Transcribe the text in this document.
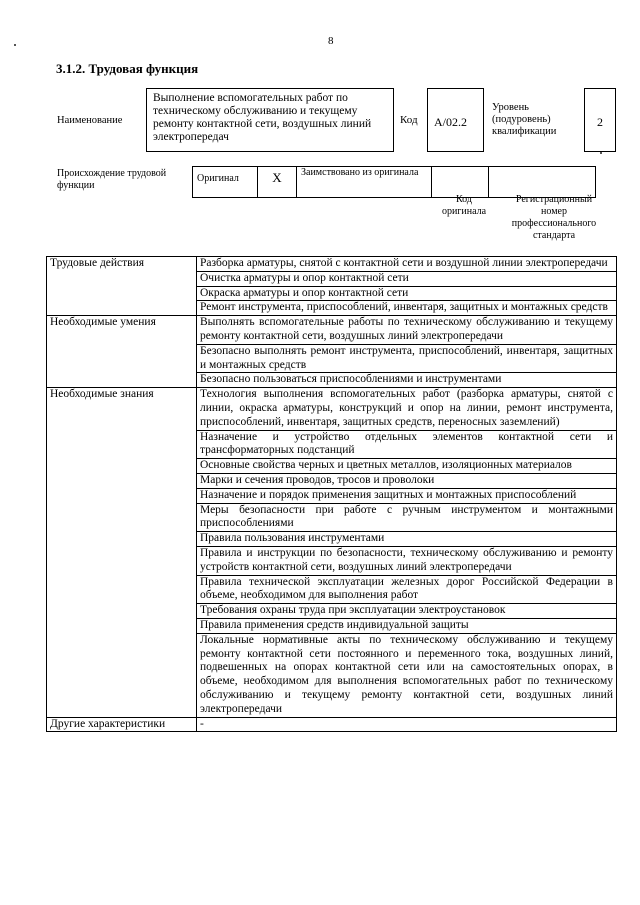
8
3.1.2. Трудовая функция
Наименование
Выполнение вспомогательных работ по техническому обслуживанию и текущему ремонту контактной сети, воздушных линий электропередач
Код	А/02.2
Уровень (подуровень) квалификации
2
Происхождение трудовой функции
Оригинал	X	Заимствовано из оригинала		
Код оригинала
Регистрационный номер профессионального стандарта
Трудовые действия	Разборка арматуры, снятой с контактной сети и воздушной линии электропередачи
	Очистка арматуры и опор контактной сети
	Окраска арматуры и опор контактной сети
	Ремонт инструмента, приспособлений, инвентаря, защитных и монтажных средств
Необходимые умения	Выполнять вспомогательные работы по техническому обслуживанию и текущему ремонту контактной сети, воздушных линий электропередачи
	Безопасно выполнять ремонт инструмента, приспособлений, инвентаря, защитных и монтажных средств
	Безопасно пользоваться приспособлениями и инструментами
Необходимые знания	Технология выполнения вспомогательных работ (разборка арматуры, снятой с линии, окраска арматуры, конструкций и опор на линии, ремонт инструмента, приспособлений, инвентаря, защитных средств, переносных заземлений)
	Назначение и устройство отдельных элементов контактной сети и трансформаторных подстанций
	Основные свойства черных и цветных металлов, изоляционных материалов
	Марки и сечения проводов, тросов и проволоки
	Назначение и порядок применения защитных и монтажных приспособлений
	Меры безопасности при работе с ручным инструментом и монтажными приспособлениями
	Правила пользования инструментами
	Правила и инструкции по безопасности, техническому обслуживанию и ремонту устройств контактной сети, воздушных линий электропередачи
	Правила технической эксплуатации железных дорог Российской Федерации в объеме, необходимом для выполнения работ
	Требования охраны труда при эксплуатации электроустановок
	Правила применения средств индивидуальной защиты
	Локальные нормативные акты по техническому обслуживанию и текущему ремонту контактной сети постоянного и переменного тока, воздушных линий, подвешенных на опорах контактной сети или на самостоятельных опорах, в объеме, необходимом для выполнения вспомогательных работ по техническому обслуживанию и текущему ремонту контактной сети, воздушных линий электропередачи
Другие характеристики	-
